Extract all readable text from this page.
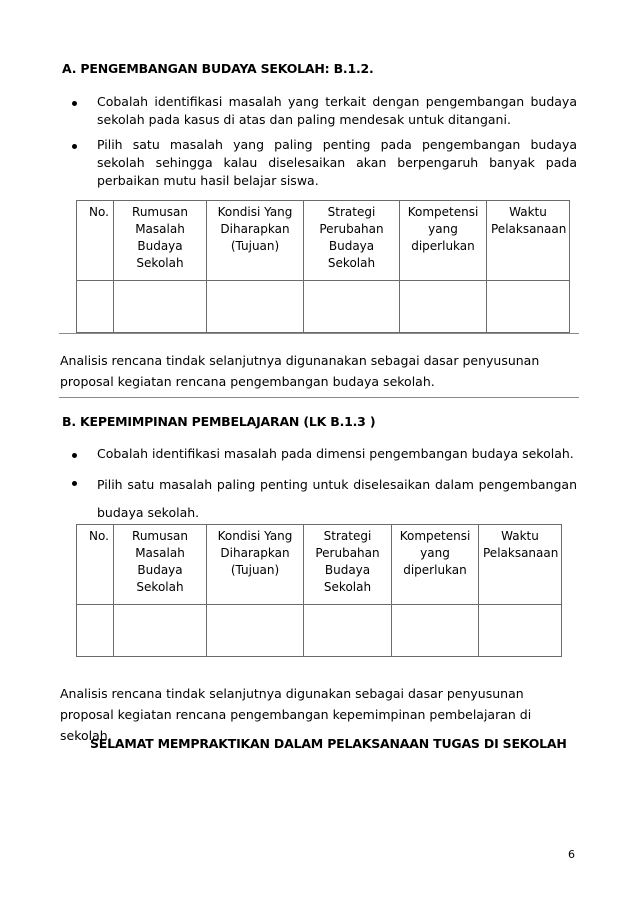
A. PENGEMBANGAN BUDAYA SEKOLAH: B.1.2.
Cobalah identifikasi masalah yang terkait dengan pengembangan budaya sekolah pada kasus di atas dan paling mendesak untuk ditangani.
Pilih satu masalah yang paling penting pada pengembangan budaya sekolah sehingga kalau diselesaikan akan berpengaruh banyak pada perbaikan mutu hasil belajar siswa.
No.	Rumusan Masalah Budaya Sekolah	Kondisi Yang Diharapkan (Tujuan)	Strategi Perubahan Budaya Sekolah	Kompetensi yang diperlukan	Waktu Pelaksanaan

Analisis rencana tindak selanjutnya digunanakan sebagai dasar penyusunan proposal kegiatan rencana pengembangan budaya sekolah.
B. KEPEMIMPINAN PEMBELAJARAN (LK B.1.3 )
Cobalah identifikasi masalah pada dimensi pengembangan budaya sekolah.
Pilih satu masalah paling penting untuk diselesaikan dalam pengembangan budaya sekolah.
No.	Rumusan Masalah Budaya Sekolah	Kondisi Yang Diharapkan (Tujuan)	Strategi Perubahan Budaya Sekolah	Kompetensi yang diperlukan	Waktu Pelaksanaan

Analisis rencana tindak selanjutnya digunakan sebagai dasar penyusunan proposal kegiatan rencana pengembangan kepemimpinan pembelajaran di sekolah.
SELAMAT MEMPRAKTIKAN DALAM PELAKSANAAN TUGAS DI SEKOLAH
6
